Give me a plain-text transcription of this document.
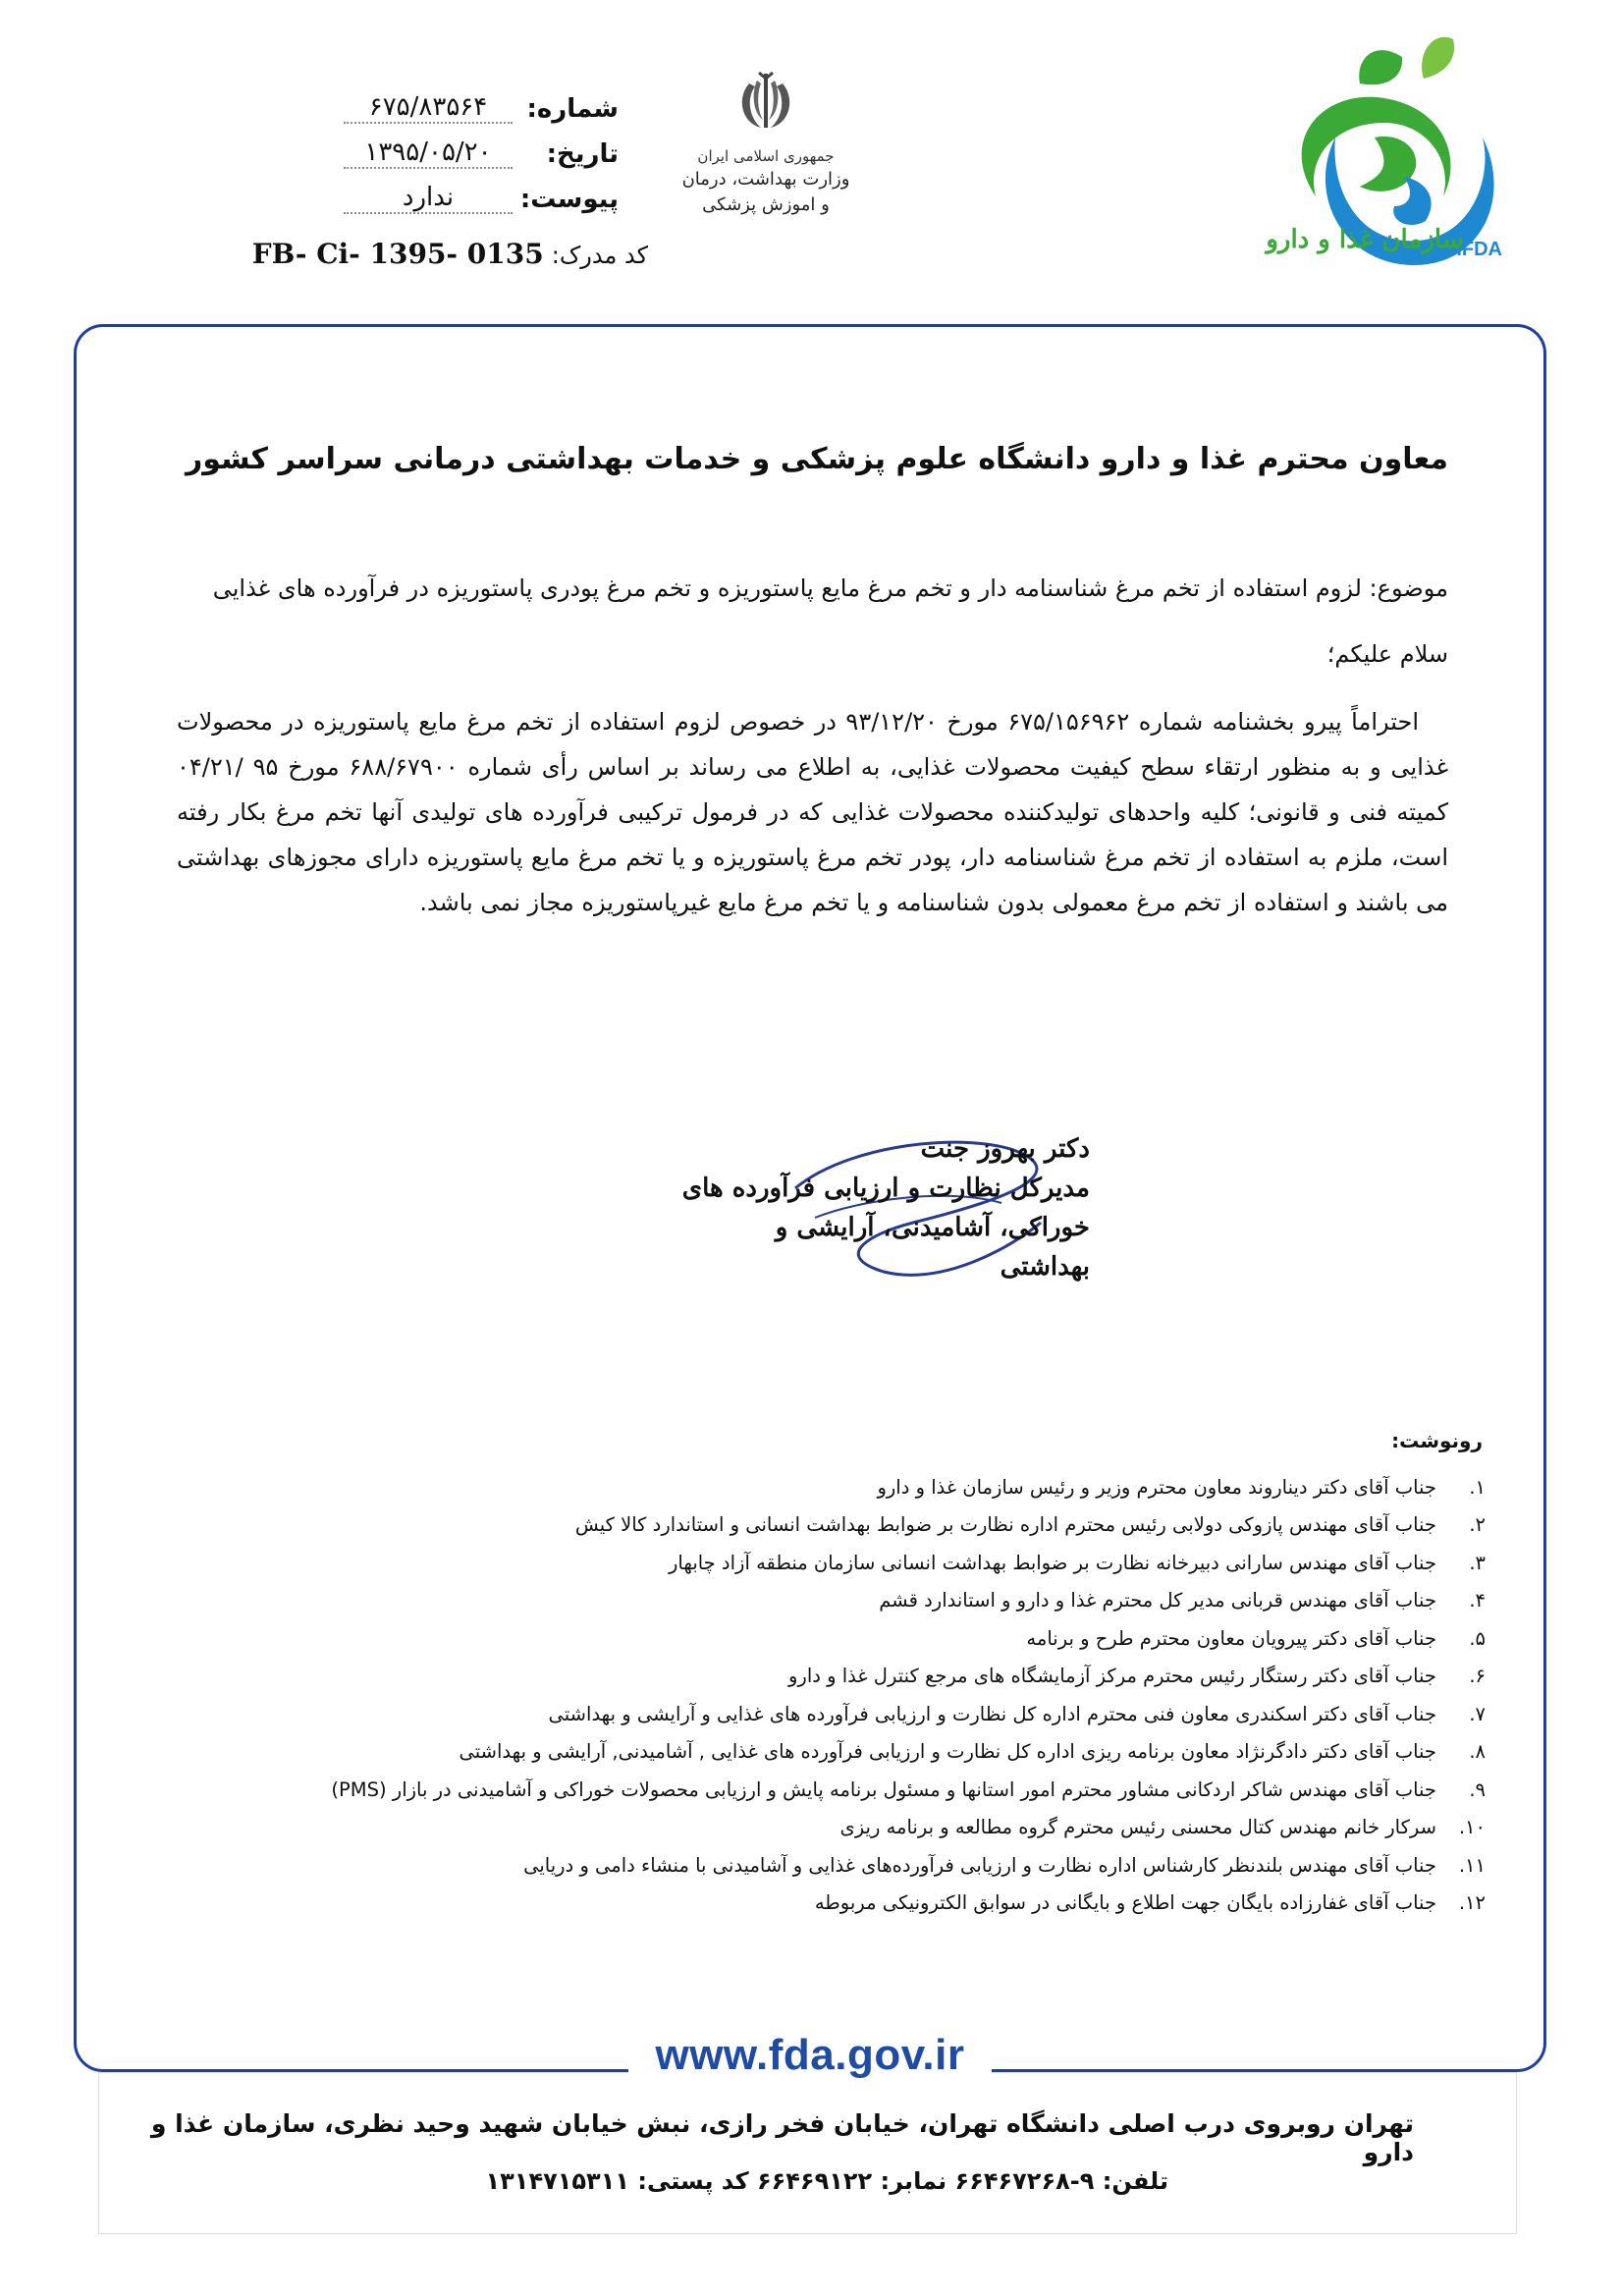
IFDA
سازمان غذا و دارو
جمهوری اسلامی ایران
وزارت بهداشت، درمان
و اموزش پزشکی
شماره:
۶۷۵/۸۳۵۶۴
تاریخ:
۱۳۹۵/۰۵/۲۰
پیوست:
ندارد
کد مدرک:
FB- Ci- 1395- 0135
معاون محترم غذا و دارو دانشگاه علوم پزشکی و خدمات بهداشتی درمانی سراسر کشور
موضوع: لزوم استفاده از تخم مرغ شناسنامه دار و تخم مرغ مایع پاستوریزه و تخم مرغ پودری پاستوریزه در فرآورده های غذایی
سلام علیکم؛

احتراماً پیرو بخشنامه شماره ۶۷۵/۱۵۶۹۶۲ مورخ ۹۳/۱۲/۲۰ در خصوص لزوم استفاده از تخم مرغ مایع پاستوریزه در محصولات غذایی و به منظور ارتقاء سطح کیفیت محصولات غذایی، به اطلاع می رساند بر اساس رأی شماره ۶۸۸/۶۷۹۰۰ مورخ ۹۵ /۰۴/۲۱ کمیته فنی و قانونی؛ کلیه واحدهای تولیدکننده محصولات غذایی که در فرمول ترکیبی فرآورده های تولیدی آنها تخم مرغ بکار رفته است، ملزم به استفاده از تخم مرغ شناسنامه دار، پودر تخم مرغ پاستوریزه و یا تخم مرغ مایع پاستوریزه دارای مجوزهای بهداشتی می باشند و استفاده از تخم مرغ معمولی بدون شناسنامه و یا تخم مرغ مایع غیرپاستوریزه مجاز نمی باشد.

دکتر بهروز جنت
مدیرکل نظارت و ارزیابی فرآورده های
خوراکی، آشامیدنی، آرایشی و بهداشتی
رونوشت:
۱.
جناب آقای دکتر دیناروند معاون محترم وزیر و رئیس سازمان غذا و دارو
۲.
جناب آقای مهندس پازوکی دولابی رئیس محترم اداره نظارت بر ضوابط بهداشت انسانی و استاندارد کالا کیش
۳.
جناب آقای مهندس سارانی دبیرخانه نظارت بر ضوابط بهداشت انسانی سازمان منطقه آزاد چابهار
۴.
جناب آقای مهندس قربانی مدیر کل محترم غذا و دارو و استاندارد قشم
۵.
جناب آقای دکتر پیرویان معاون محترم طرح و برنامه
۶.
جناب آقای دکتر رستگار رئیس محترم مرکز آزمایشگاه های مرجع کنترل غذا و دارو
۷.
جناب آقای دکتر اسکندری معاون فنی محترم اداره کل نظارت و ارزیابی فرآورده های غذایی و آرایشی و بهداشتی
۸.
جناب آقای دکتر دادگرنژاد معاون برنامه ریزی اداره کل نظارت و ارزیابی فرآورده های غذایی , آشامیدنی, آرایشی و بهداشتی
۹.
جناب آقای مهندس شاکر اردکانی مشاور محترم امور استانها و مسئول برنامه پایش و ارزیابی محصولات خوراکی و آشامیدنی در بازار (PMS)
۱۰.
سرکار خانم مهندس کتال محسنی رئیس محترم گروه مطالعه و برنامه ریزی
۱۱.
جناب آقای مهندس بلندنظر کارشناس اداره نظارت و ارزیابی فرآورده‌های غذایی و آشامیدنی با منشاء دامی و دریایی
۱۲.
جناب آقای غفارزاده بایگان جهت اطلاع و بایگانی در سوابق الکترونیکی مربوطه
www.fda.gov.ir
تهران روبروی درب اصلی دانشگاه تهران، خیابان فخر رازی، نبش خیابان شهید وحید نظری، سازمان غذا و دارو
تلفن: ۹-۶۶۴۶۷۲۶۸ نمابر: ۶۶۴۶۹۱۲۲ کد پستی: ۱۳۱۴۷۱۵۳۱۱
